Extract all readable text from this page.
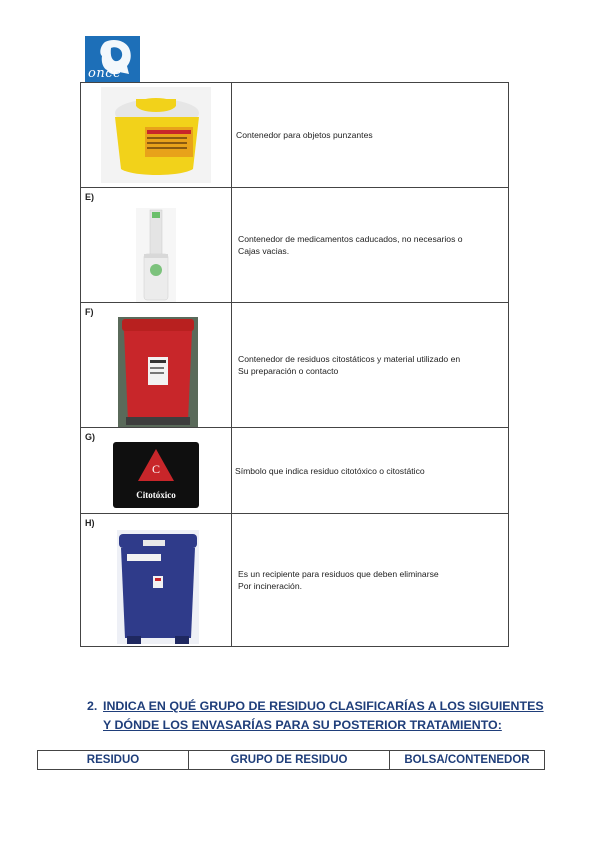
once

Contenedor para objetos punzantes

E)	Contenedor de medicamentos caducados, no necesarios o
Cajas vacias.

F)	Contenedor de residuos citostáticos y material utilizado en
Su preparación o contacto

G)
C
Citotóxico	Símbolo que indica residuo citotóxico o citostático

H)	Es un recipiente para residuos que deben eliminarse
Por incineración.
2. INDICA EN QUÉ GRUPO DE RESIDUO CLASIFICARÍAS A LOS SIGUIENTES
Y DÓNDE LOS ENVASARÍAS PARA SU POSTERIOR TRATAMIENTO:
RESIDUO	GRUPO DE RESIDUO	BOLSA/CONTENEDOR
